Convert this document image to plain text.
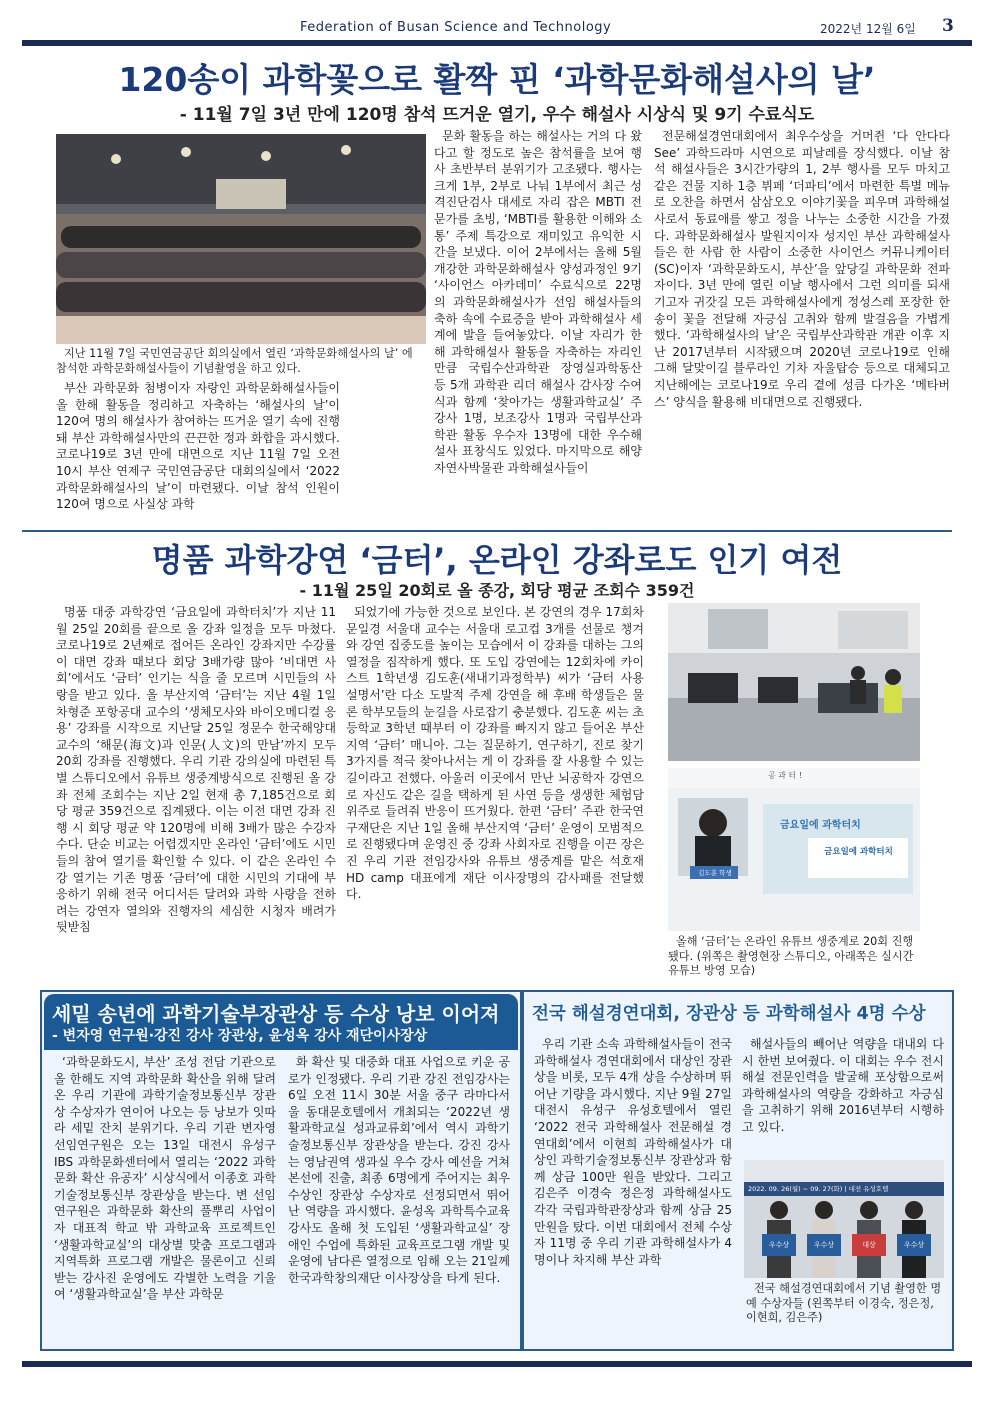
Federation of Busan Science and Technology	2022년 12월 6일 3
120송이 과학꽃으로 활짝 핀 ‘과학문화해설사의 날’
- 11월 7일 3년 만에 120명 참석 뜨거운 열기, 우수 해설사 시상식 및 9기 수료식도
지난 11월 7일 국민연금공단 회의실에서 열린 ‘과학문화해설사의 날’ 에 참석한 과학문화해설사들이 기념촬영을 하고 있다.

부산 과학문화 첨병이자 자랑인 과학문화해설사들이 올 한해 활동을 정리하고 자축하는 ‘해설사의 날’이 120여 명의 해설사가 참여하는 뜨거운 열기 속에 진행돼 부산 과학해설사만의 끈끈한 정과 화합을 과시했다. 코로나19로 3년 만에 대면으로 지난 11월 7일 오전 10시 부산 연제구 국민연금공단 대회의실에서 ‘2022 과학문화해설사의 날’이 마련됐다. 이날 참석 인원이 120여 명으로 사실상 과학

문화 활동을 하는 해설사는 거의 다 왔다고 할 정도로 높은 참석률을 보여 행사 초반부터 분위기가 고조됐다. 행사는 크게 1부, 2부로 나눠 1부에서 최근 성격진단검사 대세로 자리 잡은 MBTI 전문가를 초빙, ‘MBTI를 활용한 이해와 소통’ 주제 특강으로 재미있고 유익한 시간을 보냈다. 이어 2부에서는 올해 5월 개강한 과학문화해설사 양성과정인 9기 ‘사이언스 아카데미’ 수료식으로 22명의 과학문화해설사가 선임 해설사들의 축하 속에 수료증을 받아 과학해설사 세계에 발을 들여놓았다. 이날 자리가 한해 과학해설사 활동을 자축하는 자리인 만큼 국립수산과학관 장영실과학동산 등 5개 과학관 리더 해설사 감사장 수여식과 함께 ‘찾아가는 생활과학교실’ 주강사 1명, 보조강사 1명과 국립부산과학관 활동 우수자 13명에 대한 우수해설사 표창식도 있었다. 마지막으로 해양자연사박물관 과학해설사들이

전문해설경연대회에서 최우수상을 거머쥔 ‘다 안다다 See’ 과학드라마 시연으로 피날레를 장식했다. 이날 참석 해설사들은 3시간가량의 1, 2부 행사를 모두 마치고 같은 건물 지하 1층 뷔페 ‘더파티’에서 마련한 특별 메뉴로 오찬을 하면서 삼삼오오 이야기꽃을 피우며 과학해설사로서 동료애를 쌓고 정을 나누는 소중한 시간을 가졌다. 과학문화해설사 발원지이자 성지인 부산 과학해설사들은 한 사람 한 사람이 소중한 사이언스 커뮤니케이터(SC)이자 ‘과학문화도시, 부산’을 앞당길 과학문화 전파자이다. 3년 만에 열린 이날 행사에서 그런 의미를 되새기고자 귀갓길 모든 과학해설사에게 정성스레 포장한 한 송이 꽃을 전달해 자긍심 고취와 함께 발걸음을 가볍게 했다. ‘과학해설사의 날’은 국립부산과학관 개관 이후 지난 2017년부터 시작됐으며 2020년 코로나19로 인해 그해 달맞이길 블루라인 기차 자울탑승 등으로 대체되고 지난해에는 코로나19로 우리 곁에 성큼 다가온 ‘메타버스’ 양식을 활용해 비대면으로 진행됐다.

명품 과학강연 ‘금터’, 온라인 강좌로도 인기 여전
- 11월 25일 20회로 올 종강, 회당 평균 조회수 359건

명품 대중 과학강연 ‘금요일에 과학터치’가 지난 11월 25일 20회를 끝으로 올 강좌 일정을 모두 마쳤다. 코로나19로 2년째로 접어든 온라인 강좌지만 수강률이 대면 강좌 때보다 회당 3배가량 많아 ‘비대면 사회’에서도 ‘금터’ 인기는 식을 줄 모르며 시민들의 사랑을 받고 있다. 올 부산지역 ‘금터’는 지난 4월 1일 차형준 포항공대 교수의 ‘생체모사와 바이오메디컬 응용’ 강좌를 시작으로 지난달 25일 정문수 한국해양대 교수의 ‘해문(海文)과 인문(人文)의 만남’까지 모두 20회 강좌를 진행했다. 우리 기관 강의실에 마련된 특별 스튜디오에서 유튜브 생중계방식으로 진행된 올 강좌 전체 조회수는 지난 2일 현재 총 7,185건으로 회당 평균 359건으로 집계됐다. 이는 이전 대면 강좌 진행 시 회당 평균 약 120명에 비해 3배가 많은 수강자수다. 단순 비교는 어렵겠지만 온라인 ‘금터’에도 시민들의 참여 열기를 확인할 수 있다. 이 같은 온라인 수강 열기는 기존 명품 ‘금터’에 대한 시민의 기대에 부응하기 위해 전국 어디서든 달려와 과학 사랑을 전하려는 강연자 열의와 진행자의 세심한 시청자 배려가 뒷받침

되었기에 가능한 것으로 보인다. 본 강연의 경우 17회차 문일경 서울대 교수는 서울대 로고컵 3개를 선물로 챙겨와 강연 집중도를 높이는 모습에서 이 강좌를 대하는 그의 열정을 짐작하게 했다. 또 도입 강연에는 12회차에 카이스트 1학년생 김도훈(새내기과정학부) 씨가 ‘금터 사용 설명서’란 다소 도발적 주제 강연을 해 후배 학생들은 물론 학부모들의 눈길을 사로잡기 충분했다. 김도훈 씨는 초등학교 3학년 때부터 이 강좌를 빠지지 않고 들어온 부산지역 ‘금터’ 매니아. 그는 질문하기, 연구하기, 진로 찾기 3가지를 적극 찾아나서는 게 이 강좌를 잘 사용할 수 있는 길이라고 전했다. 아울러 이곳에서 만난 뇌공학자 강연으로 자신도 같은 길을 택하게 된 사연 등을 생생한 체험담 위주로 들려줘 반응이 뜨거웠다. 한편 ‘금터’ 주관 한국연구재단은 지난 1일 올해 부산지역 ‘금터’ 운영이 모범적으로 진행됐다며 운영진 중 강좌 사회자로 진행을 이끈 장은진 우리 기관 전임강사와 유튜브 생중계를 맡은 석호재 HD camp 대표에게 재단 이사장명의 감사패를 전달했다.

공 과 터 !
금요일에 과학터치
금요일에 과학터치
김도훈 학생
올해 ‘금터’는 온라인 유튜브 생중계로 20회 진행됐다. (위쪽은 촬영현장 스튜디오, 아래쪽은 실시간 유튜브 방영 모습)
세밑 송년에 과학기술부장관상 등 수상 낭보 이어져
- 변자영 연구원·강진 강사 장관상, 윤성옥 강사 재단이사장상

‘과학문화도시, 부산’ 조성 전담 기관으로 올 한해도 지역 과학문화 확산을 위해 달려온 우리 기관에 과학기술정보통신부 장관상 수상자가 연이어 나오는 등 낭보가 잇따라 세밑 잔치 분위기다. 우리 기관 변자영 선임연구원은 오는 13일 대전시 유성구 IBS 과학문화센터에서 열리는 ‘2022 과학문화 확산 유공자’ 시상식에서 이종호 과학기술정보통신부 장관상을 받는다. 변 선임연구원은 과학문화 확산의 풀뿌리 사업이자 대표적 학교 밖 과학교육 프로젝트인 ‘생활과학교실’의 대상별 맞춤 프로그램과 지역특화 프로그램 개발은 물론이고 신뢰받는 강사진 운영에도 각별한 노력을 기울여 ‘생활과학교실’을 부산 과학문

화 확산 및 대중화 대표 사업으로 키운 공로가 인정됐다. 우리 기관 강진 전임강사는 6일 오전 11시 30분 서울 중구 라마다서울 동대문호텔에서 개최되는 ‘2022년 생활과학교실 성과교류회’에서 역시 과학기술정보통신부 장관상을 받는다. 강진 강사는 영남권역 생과실 우수 강사 예선을 거쳐 본선에 진출, 최종 6명에게 주어지는 최우수상인 장관상 수상자로 선정되면서 뛰어난 역량을 과시했다. 윤성옥 과학특수교육 강사도 올해 첫 도입된 ‘생활과학교실’ 장애인 수업에 특화된 교육프로그램 개발 및 운영에 남다른 열정으로 임해 오는 21일께 한국과학창의재단 이사장상을 타게 된다.

전국 해설경연대회, 장관상 등 과학해설사 4명 수상

우리 기관 소속 과학해설사들이 전국 과학해설사 경연대회에서 대상인 장관상을 비롯, 모두 4개 상을 수상하며 뛰어난 기량을 과시했다. 지난 9월 27일 대전시 유성구 유성호텔에서 열린 ‘2022 전국 과학해설사 전문해설 경연대회’에서 이현희 과학해설사가 대상인 과학기술정보통신부 장관상과 함께 상금 100만 원을 받았다. 그리고 김은주 이경숙 정은정 과학해설사도 각각 국립과학관장상과 함께 상금 25만원을 탔다. 이번 대회에서 전체 수상자 11명 중 우리 기관 과학해설사가 4명이나 차지해 부산 과학

해설사들의 빼어난 역량을 대내외 다시 한번 보여줬다. 이 대회는 우수 전시해설 전문인력을 발굴해 포상함으로써 과학해설사의 역량을 강화하고 자긍심을 고취하기 위해 2016년부터 시행하고 있다.

2022. 09. 26(월) ~ 09. 27(화) | 대전 유성호텔
우수상	우수상	대상	우수상
전국 해설경연대회에서 기념 촬영한 명예 수상자들 (왼쪽부터 이경숙, 정은정, 이현희, 김은주)
